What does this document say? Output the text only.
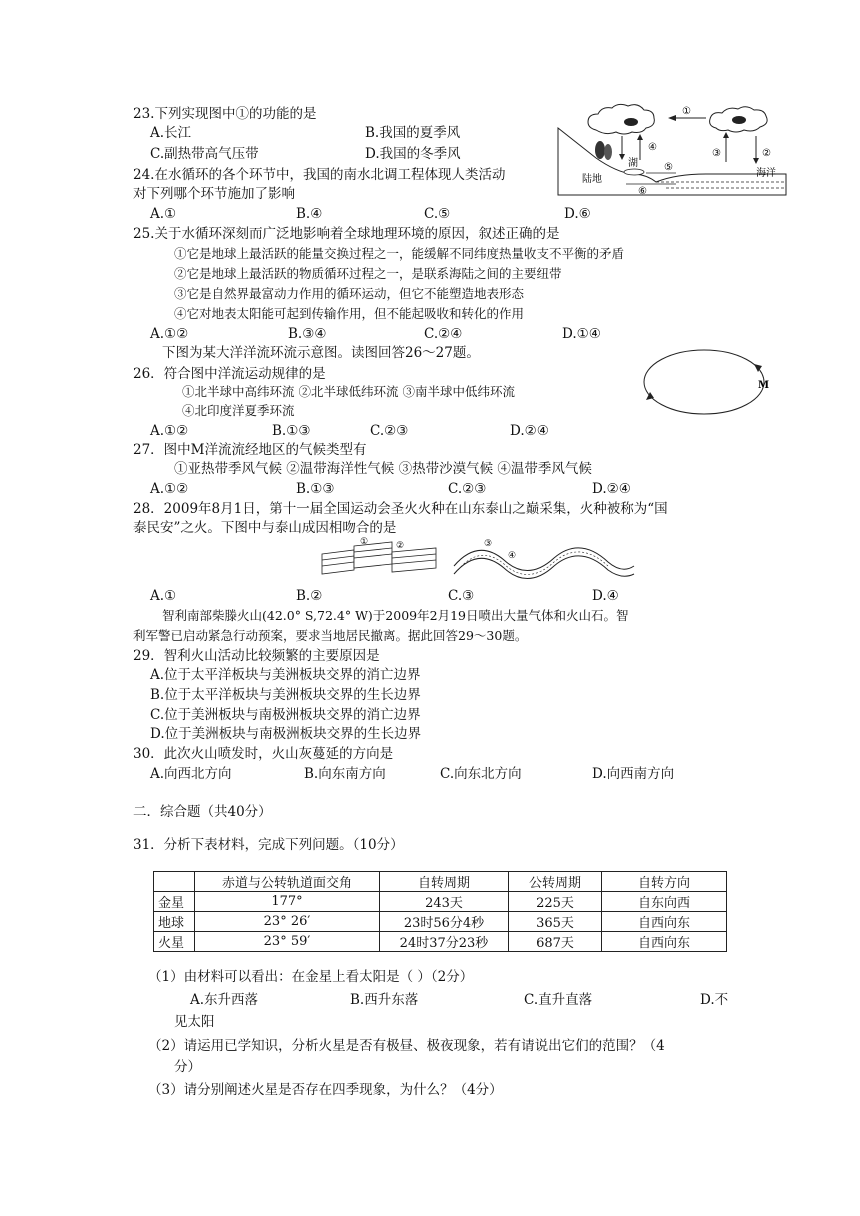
23.下列实现图中①的功能的是
A.长江	B.我国的夏季风
C.副热带高气压带	D.我国的冬季风
①
湖
④
③	②
⑤
⑥
陆地
海洋
24.在水循环的各个环节中，我国的南水北调工程体现人类活动
对下列哪个环节施加了影响
A.①	B.④	C.⑤	D.⑥
25.关于水循环深刻而广泛地影响着全球地理环境的原因，叙述正确的是
①它是地球上最活跃的能量交换过程之一，能缓解不同纬度热量收支不平衡的矛盾
②它是地球上最活跃的物质循环过程之一，是联系海陆之间的主要纽带
③它是自然界最富动力作用的循环运动，但它不能塑造地表形态
④它对地表太阳能可起到传输作用，但不能起吸收和转化的作用
A.①②	B.③④	C.②④	D.①④
下图为某大洋洋流环流示意图。读图回答26～27题。
M
26．符合图中洋流运动规律的是
①北半球中高纬环流 ②北半球低纬环流 ③南半球中低纬环流
④北印度洋夏季环流
A.①②	B.①③	C.②③	D.②④
27．图中M洋流流经地区的气候类型有
①亚热带季风气候 ②温带海洋性气候 ③热带沙漠气候 ④温带季风气候
A.①②	B.①③	C.②③	D.②④
28．2009年8月1日，第十一届全国运动会圣火火种在山东泰山之巅采集，火种被称为“国
泰民安”之火。下图中与泰山成因相吻合的是
①	②	③
④
A.①	B.②	C.③	D.④
智利南部柴滕火山(42.0° S,72.4° W)于2009年2月19日喷出大量气体和火山石。智
利军警已启动紧急行动预案，要求当地居民撤离。据此回答29～30题。
29．智利火山活动比较频繁的主要原因是
A.位于太平洋板块与美洲板块交界的消亡边界
B.位于太平洋板块与美洲板块交界的生长边界
C.位于美洲板块与南极洲板块交界的消亡边界
D.位于美洲板块与南极洲板块交界的生长边界
30．此次火山喷发时，火山灰蔓延的方向是
A.向西北方向	B.向东南方向	C.向东北方向	D.向西南方向
二．综合题（共40分）
31．分析下表材料，完成下列问题。（10分）
	赤道与公转轨道面交角	自转周期	公转周期	自转方向
金星	177°	243天	225天	自东向西
地球	23° 26′	23时56分4秒	365天	自西向东
火星	23° 59′	24时37分23秒	687天	自西向东
（1）由材料可以看出：在金星上看太阳是（ ）（2分）
A.东升西落	B.西升东落	C.直升直落	D.不
见太阳
（2）请运用已学知识，分析火星是否有极昼、极夜现象，若有请说出它们的范围？（4
分）
（3）请分别阐述火星是否存在四季现象，为什么？（4分）
